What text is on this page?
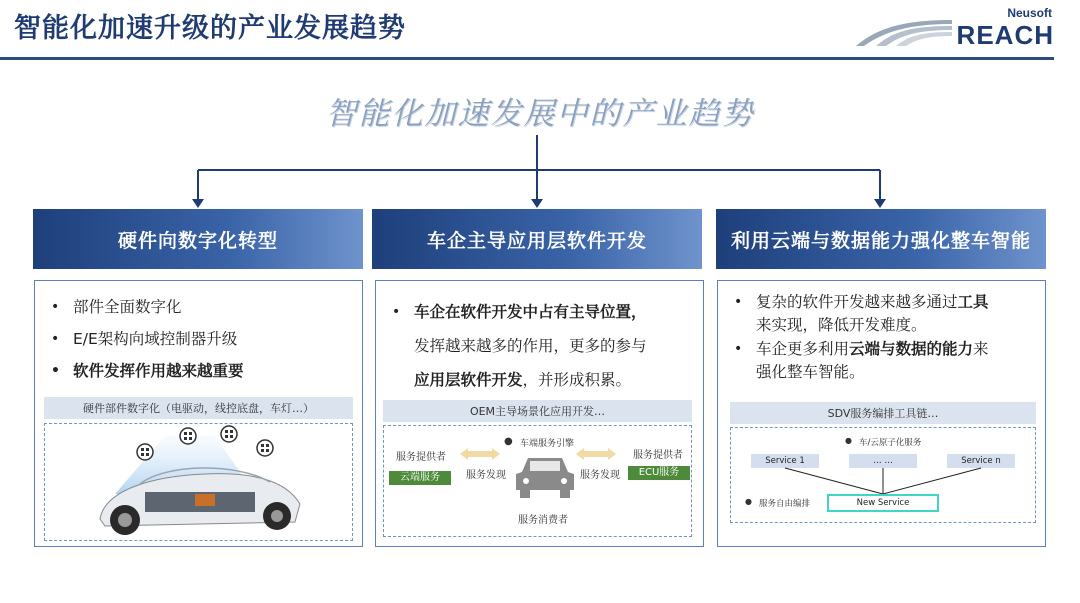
智能化加速升级的产业发展趋势	Neusoft
REACH
智能化加速发展中的产业趋势
硬件向数字化转型
• 部件全面数字化
• E/E架构向域控制器升级
• 软件发挥作用越来越重要
硬件部件数字化（电驱动，线控底盘，车灯…）
车企主导应用层软件开发
• 车企在软件开发中占有主导位置，
发挥越来越多的作用，更多的参与
应用层软件开发，并形成积累。
OEM主导场景化应用开发…
● 车端服务引擎
服务提供者	服务提供者
云端服务	ECU服务
服务发现	服务发现
服务消费者
利用云端与数据能力强化整车智能
• 复杂的软件开发越来越多通过工具
来实现，降低开发难度。
• 车企更多利用云端与数据的能力来
强化整车智能。
SDV服务编排工具链…
● 车/云原子化服务
Service 1	… …	Service n
● 服务自由编排	New Service
